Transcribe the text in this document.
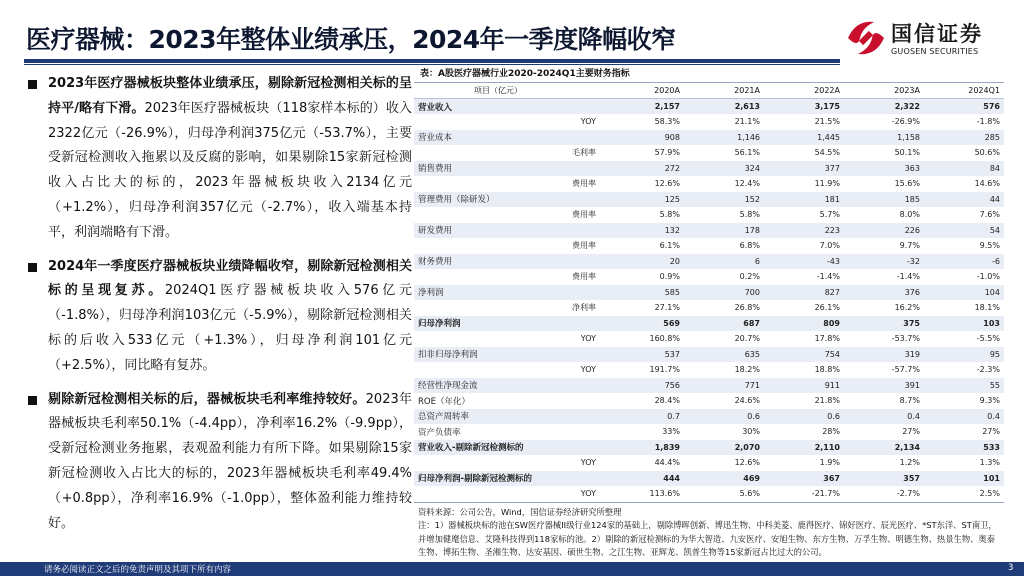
医疗器械：2023年整体业绩承压，2024年一季度降幅收窄	国信证券
GUOSEN SECURITIES
2023年医疗器械板块整体业绩承压，剔除新冠检测相关标的呈持平/略有下滑。2023年医疗器械板块（118家样本标的）收入2322亿元（-26.9%），归母净利润375亿元（-53.7%），主要受新冠检测收入拖累以及反腐的影响，如果剔除15家新冠检测收入占比大的标的，2023年器械板块收入2134亿元（+1.2%），归母净利润357亿元（-2.7%），收入端基本持平，利润端略有下滑。
2024年一季度医疗器械板块业绩降幅收窄，剔除新冠检测相关标的呈现复苏。2024Q1医疗器械板块收入576亿元（-1.8%），归母净利润103亿元（-5.9%），剔除新冠检测相关标的后收入533亿元（+1.3%），归母净利润101亿元（+2.5%），同比略有复苏。
剔除新冠检测相关标的后，器械板块毛利率维持较好。2023年器械板块毛利率50.1%（-4.4pp），净利率16.2%（-9.9pp），受新冠检测业务拖累，表观盈利能力有所下降。如果剔除15家新冠检测收入占比大的标的，2023年器械板块毛利率49.4%（+0.8pp），净利率16.9%（-1.0pp），整体盈利能力维持较好。
表：A股医疗器械行业2020-2024Q1主要财务指标
项目（亿元）		2020A	2021A	2022A	2023A	2024Q1
营业收入		2,157	2,613	3,175	2,322	576
	YOY	58.3%	21.1%	21.5%	-26.9%	-1.8%
营业成本		908	1,146	1,445	1,158	285
	毛利率	57.9%	56.1%	54.5%	50.1%	50.6%
销售费用		272	324	377	363	84
	费用率	12.6%	12.4%	11.9%	15.6%	14.6%
管理费用（除研发）		125	152	181	185	44
	费用率	5.8%	5.8%	5.7%	8.0%	7.6%
研发费用		132	178	223	226	54
	费用率	6.1%	6.8%	7.0%	9.7%	9.5%
财务费用		20	6	-43	-32	-6
	费用率	0.9%	0.2%	-1.4%	-1.4%	-1.0%
净利润		585	700	827	376	104
	净利率	27.1%	26.8%	26.1%	16.2%	18.1%
归母净利润		569	687	809	375	103
	YOY	160.8%	20.7%	17.8%	-53.7%	-5.5%
扣非归母净利润		537	635	754	319	95
	YOY	191.7%	18.2%	18.8%	-57.7%	-2.3%
经营性净现金流		756	771	911	391	55
ROE（年化）		28.4%	24.6%	21.8%	8.7%	9.3%
总资产周转率		0.7	0.6	0.6	0.4	0.4
资产负债率		33%	30%	28%	27%	27%
营业收入-剔除新冠检测标的		1,839	2,070	2,110	2,134	533
	YOY	44.4%	12.6%	1.9%	1.2%	1.3%
归母净利润-剔除新冠检测标的		444	469	367	357	101
	YOY	113.6%	5.6%	-21.7%	-2.7%	2.5%
资料来源：公司公告，Wind，国信证券经济研究所整理
注：1）器械板块标的池在SW医疗器械II级行业124家的基础上，剔除博晖创新、博迅生物、中科美菱、鹿得医疗、锦好医疗、辰光医疗、*ST东洋、ST南卫，并增加健麾信息、艾隆科技得到118家标的池。2）剔除的新冠检测标的为华大智造、九安医疗、安旭生物、东方生物、万孚生物、明德生物、热景生物、奥泰生物、博拓生物、圣湘生物、达安基因、硕世生物、之江生物、亚辉龙、凯普生物等15家新冠占比过大的公司。
请务必阅读正文之后的免责声明及其项下所有内容	3
